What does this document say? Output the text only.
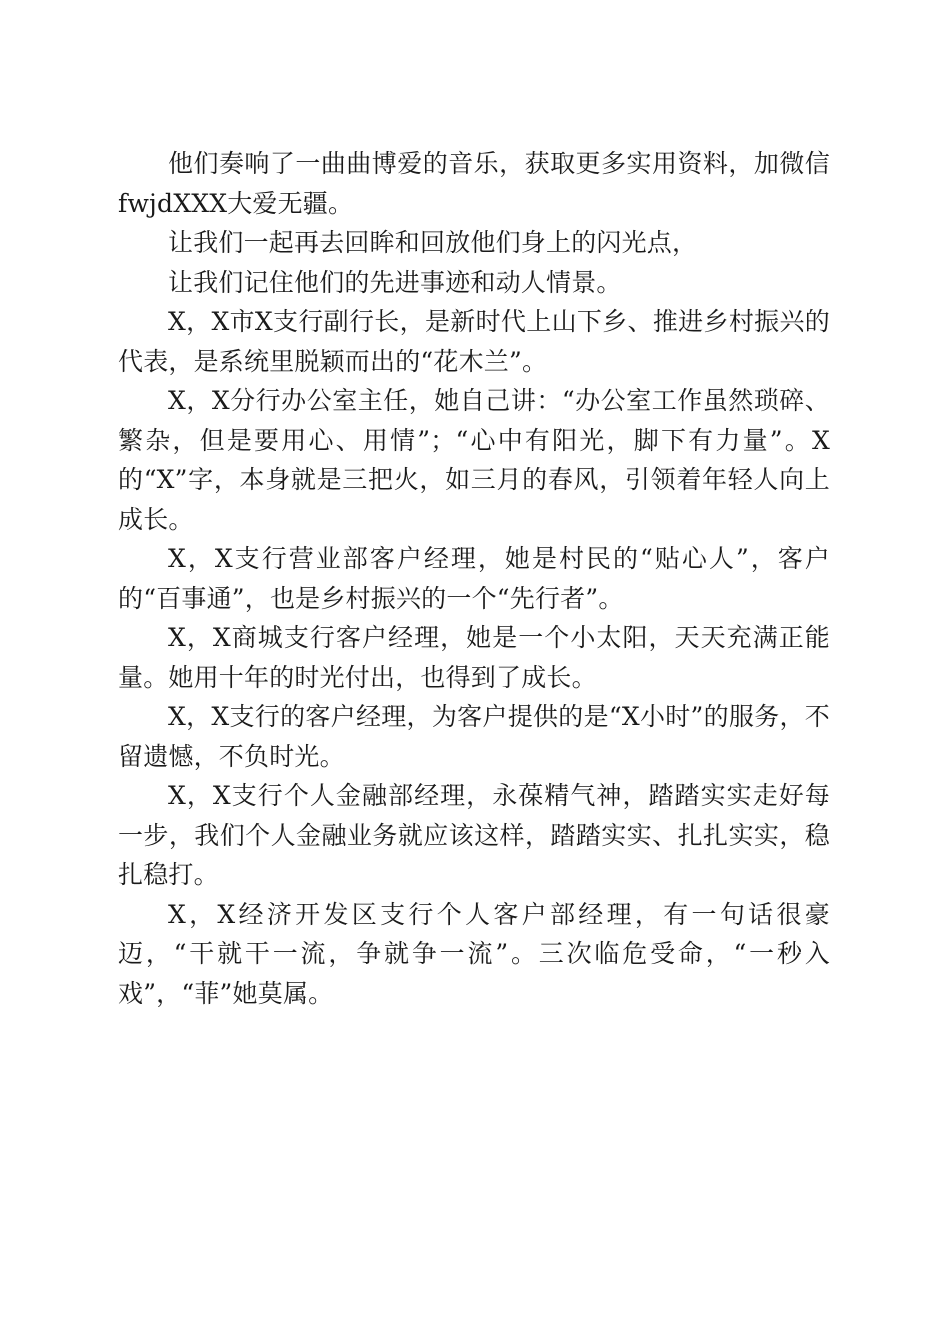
他们奏响了一曲曲博爱的音乐，获取更多实用资料，加微信fwjdXXX大爱无疆。

让我们一起再去回眸和回放他们身上的闪光点，

让我们记住他们的先进事迹和动人情景。

X，X市X支行副行长，是新时代上山下乡、推进乡村振兴的代表，是系统里脱颖而出的“花木兰”。

X，X分行办公室主任，她自己讲：“办公室工作虽然琐碎、繁杂，但是要用心、用情”；“心中有阳光，脚下有力量”。X的“X”字，本身就是三把火，如三月的春风，引领着年轻人向上成长。

X，X支行营业部客户经理，她是村民的“贴心人”，客户的“百事通”，也是乡村振兴的一个“先行者”。

X，X商城支行客户经理，她是一个小太阳，天天充满正能量。她用十年的时光付出，也得到了成长。

X，X支行的客户经理，为客户提供的是“X小时”的服务，不留遗憾，不负时光。

X，X支行个人金融部经理，永葆精气神，踏踏实实走好每一步，我们个人金融业务就应该这样，踏踏实实、扎扎实实，稳扎稳打。

X，X经济开发区支行个人客户部经理，有一句话很豪迈，“干就干一流，争就争一流”。三次临危受命，“一秒入戏”，“菲”她莫属。
